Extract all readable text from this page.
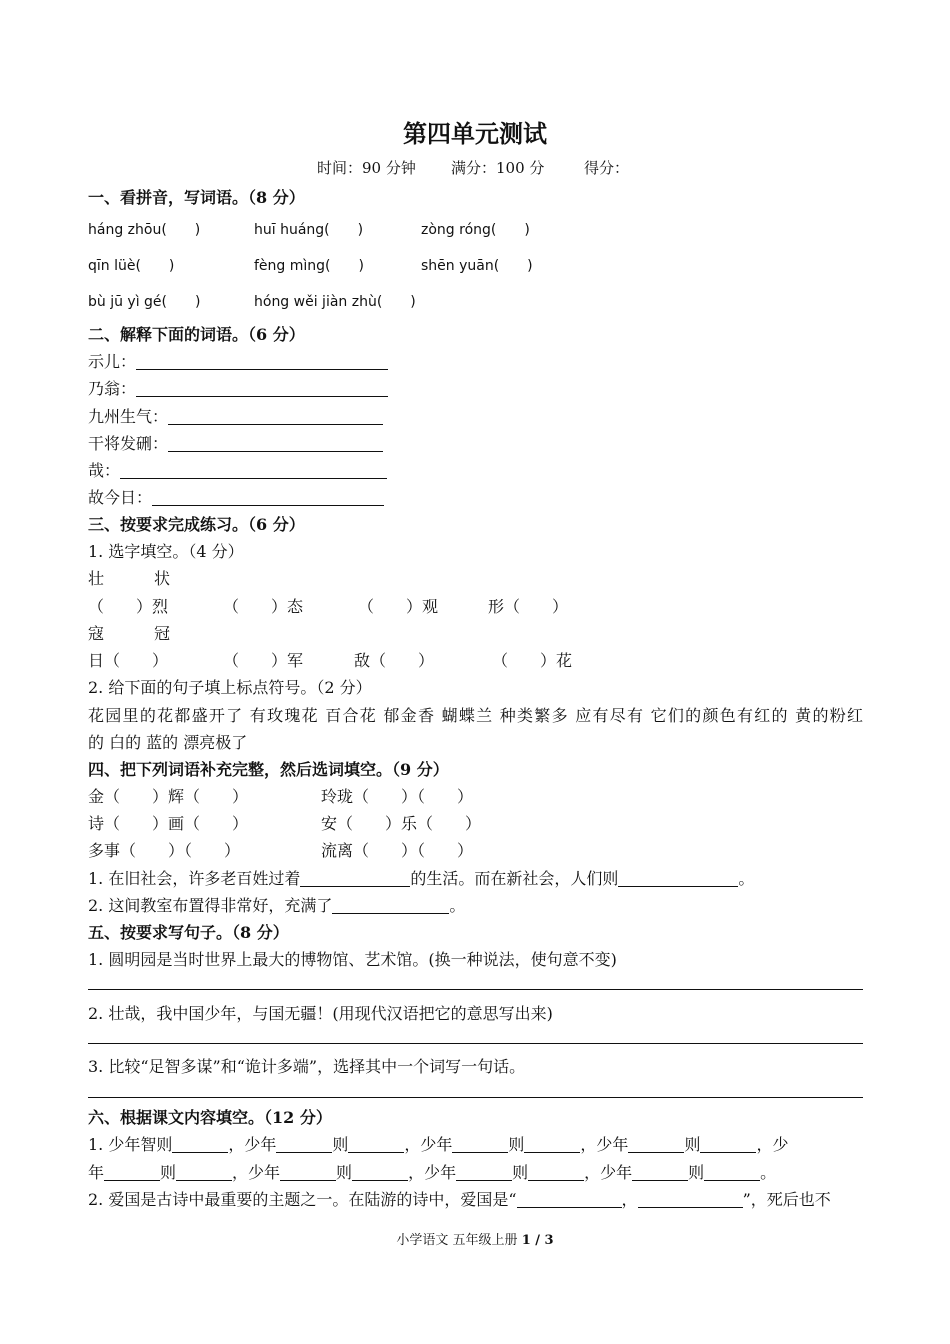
第四单元测试
时间：90 分钟 满分：100 分	得分：
一、看拼音，写词语。（8 分）
háng zhōu(　　)	huī huáng(　　)	zòng róng(　　)
qīn lüè(　　)	fèng mìng(　　)	shēn yuān(　　)
bù jū yì gé(　　)	hóng wěi jiàn zhù(　　)
二、解释下面的词语。（6 分）
示儿：
乃翁：
九州生气：
干将发硎：
哉：
故今日：
三、按要求完成练习。（6 分）
1. 选字填空。（4 分）
壮	状
（　　）烈	（　　）态	（　　）观	形（　　）
寇	冠
日（　　）	（　　）军	敌（　　）	（　　）花
2. 给下面的句子填上标点符号。（2 分）
花园里的花都盛开了 有玫瑰花 百合花 郁金香 蝴蝶兰 种类繁多 应有尽有 它们的颜色有红的 黄的粉红
的 白的 蓝的 漂亮极了
四、把下列词语补充完整，然后选词填空。（9 分）
金（　　）辉（　　）	玲珑（　　）（　　）
诗（　　）画（　　）	安（　　）乐（　　）
多事（　　）（　　）	流离（　　）（　　）
1. 在旧社会，许多老百姓过着	的生活。而在新社会，人们则	。
2. 这间教室布置得非常好，充满了	。
五、按要求写句子。（8 分）
1. 圆明园是当时世界上最大的博物馆、艺术馆。(换一种说法，使句意不变)
2. 壮哉，我中国少年，与国无疆！(用现代汉语把它的意思写出来)
3. 比较“足智多谋”和“诡计多端”，选择其中一个词写一句话。
六、根据课文内容填空。（12 分）
1. 少年智则	，少年	则	，少年	则	，少年	则	，少
年	则	，少年	则	，少年	则	，少年	则	。
2. 爱国是古诗中最重要的主题之一。在陆游的诗中，爱国是“	，	”，死后也不
小学语文 五年级上册 1 / 3
